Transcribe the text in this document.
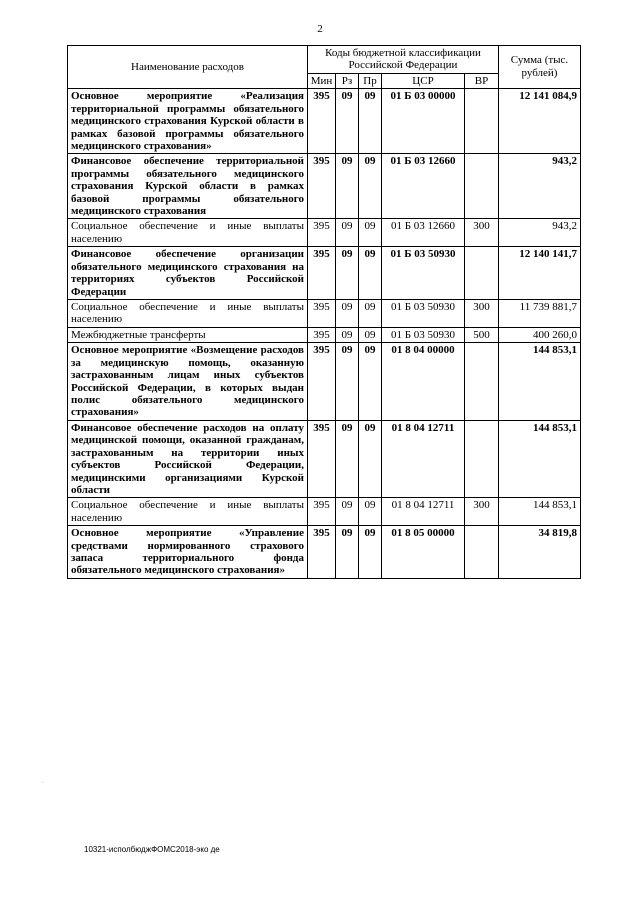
2
Наименование расходов	Коды бюджетной классификации Российской Федерации					Сумма (тыс. рублей)
	Мин	Рз	Пр	ЦСР	ВР	
Основное мероприятие «Реализация территориальной программы обязательного медицинского страхования Курской области в рамках базовой программы обязательного медицинского страхования»	395	09	09	01 Б 03 00000		12 141 084,9
Финансовое обеспечение территориальной программы обязательного медицинского страхования Курской области в рамках базовой программы обязательного медицинского страхования	395	09	09	01 Б 03 12660		943,2
Социальное обеспечение и иные выплаты населению	395	09	09	01 Б 03 12660	300	943,2
Финансовое обеспечение организации обязательного медицинского страхования на территориях субъектов Российской Федерации	395	09	09	01 Б 03 50930		12 140 141,7
Социальное обеспечение и иные выплаты населению	395	09	09	01 Б 03 50930	300	11 739 881,7
Межбюджетные трансферты	395	09	09	01 Б 03 50930	500	400 260,0
Основное мероприятие «Возмещение расходов за медицинскую помощь, оказанную застрахованным лицам иных субъектов Российской Федерации, в которых выдан полис обязательного медицинского страхования»	395	09	09	01 8 04 00000		144 853,1
Финансовое обеспечение расходов на оплату медицинской помощи, оказанной гражданам, застрахованным на территории иных субъектов Российской Федерации, медицинскими организациями Курской области	395	09	09	01 8 04 12711		144 853,1
Социальное обеспечение и иные выплаты населению	395	09	09	01 8 04 12711	300	144 853,1
Основное мероприятие «Управление средствами нормированного страхового запаса территориального фонда обязательного медицинского страхования»	395	09	09	01 8 05 00000		34 819,8
·
10321-исполбюджФОМС2018-эко де
